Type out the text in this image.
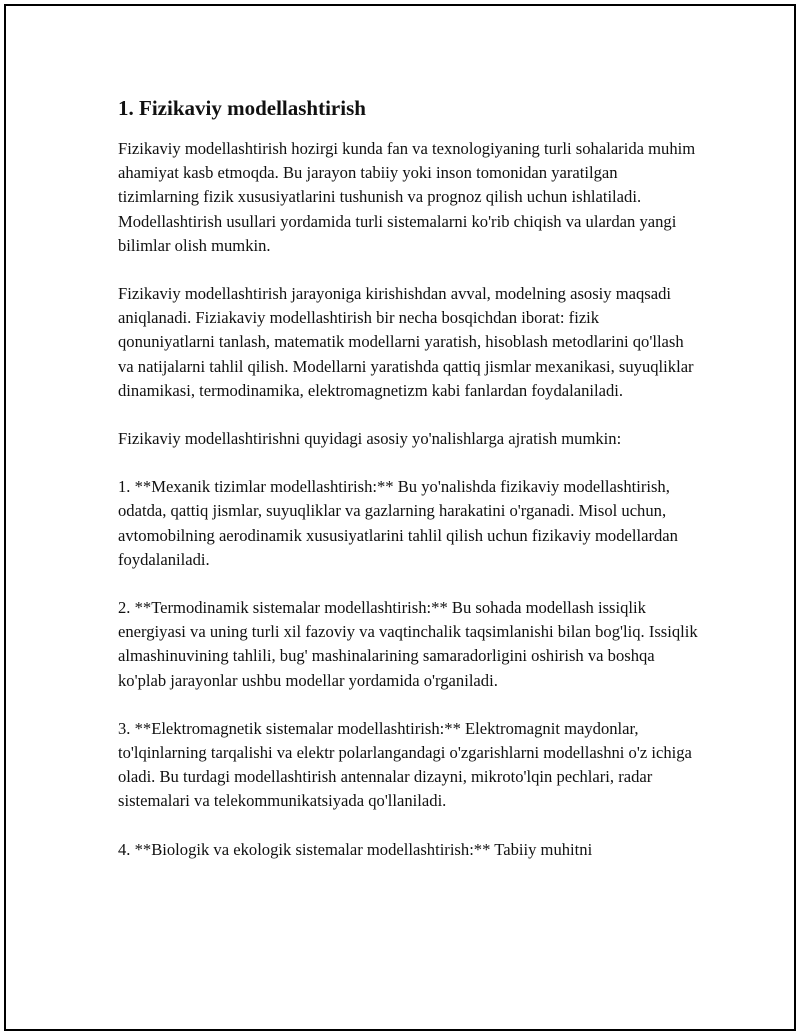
1. Fizikaviy modellashtirish

Fizikaviy modellashtirish hozirgi kunda fan va texnologiyaning turli sohalarida muhim ahamiyat kasb etmoqda. Bu jarayon tabiiy yoki inson tomonidan yaratilgan tizimlarning fizik xususiyatlarini tushunish va prognoz qilish uchun ishlatiladi. Modellashtirish usullari yordamida turli sistemalarni ko'rib chiqish va ulardan yangi bilimlar olish mumkin.

Fizikaviy modellashtirish jarayoniga kirishishdan avval, modelning asosiy maqsadi aniqlanadi. Fiziakaviy modellashtirish bir necha bosqichdan iborat: fizik qonuniyatlarni tanlash, matematik modellarni yaratish, hisoblash metodlarini qo'llash va natijalarni tahlil qilish. Modellarni yaratishda qattiq jismlar mexanikasi, suyuqliklar dinamikasi, termodinamika, elektromagnetizm kabi fanlardan foydalaniladi.

Fizikaviy modellashtirishni quyidagi asosiy yo'nalishlarga ajratish mumkin:

1. **Mexanik tizimlar modellashtirish:** Bu yo'nalishda fizikaviy modellashtirish, odatda, qattiq jismlar, suyuqliklar va gazlarning harakatini o'rganadi. Misol uchun, avtomobilning aerodinamik xususiyatlarini tahlil qilish uchun fizikaviy modellardan foydalaniladi.

2. **Termodinamik sistemalar modellashtirish:** Bu sohada modellash issiqlik energiyasi va uning turli xil fazoviy va vaqtinchalik taqsimlanishi bilan bog'liq. Issiqlik almashinuvining tahlili, bug' mashinalarining samaradorligini oshirish va boshqa ko'plab jarayonlar ushbu modellar yordamida o'rganiladi.

3. **Elektromagnetik sistemalar modellashtirish:** Elektromagnit maydonlar, to'lqinlarning tarqalishi va elektr polarlangandagi o'zgarishlarni modellashni o'z ichiga oladi. Bu turdagi modellashtirish antennalar dizayni, mikroto'lqin pechlari, radar sistemalari va telekommunikatsiyada qo'llaniladi.

4. **Biologik va ekologik sistemalar modellashtirish:** Tabiiy muhitni
